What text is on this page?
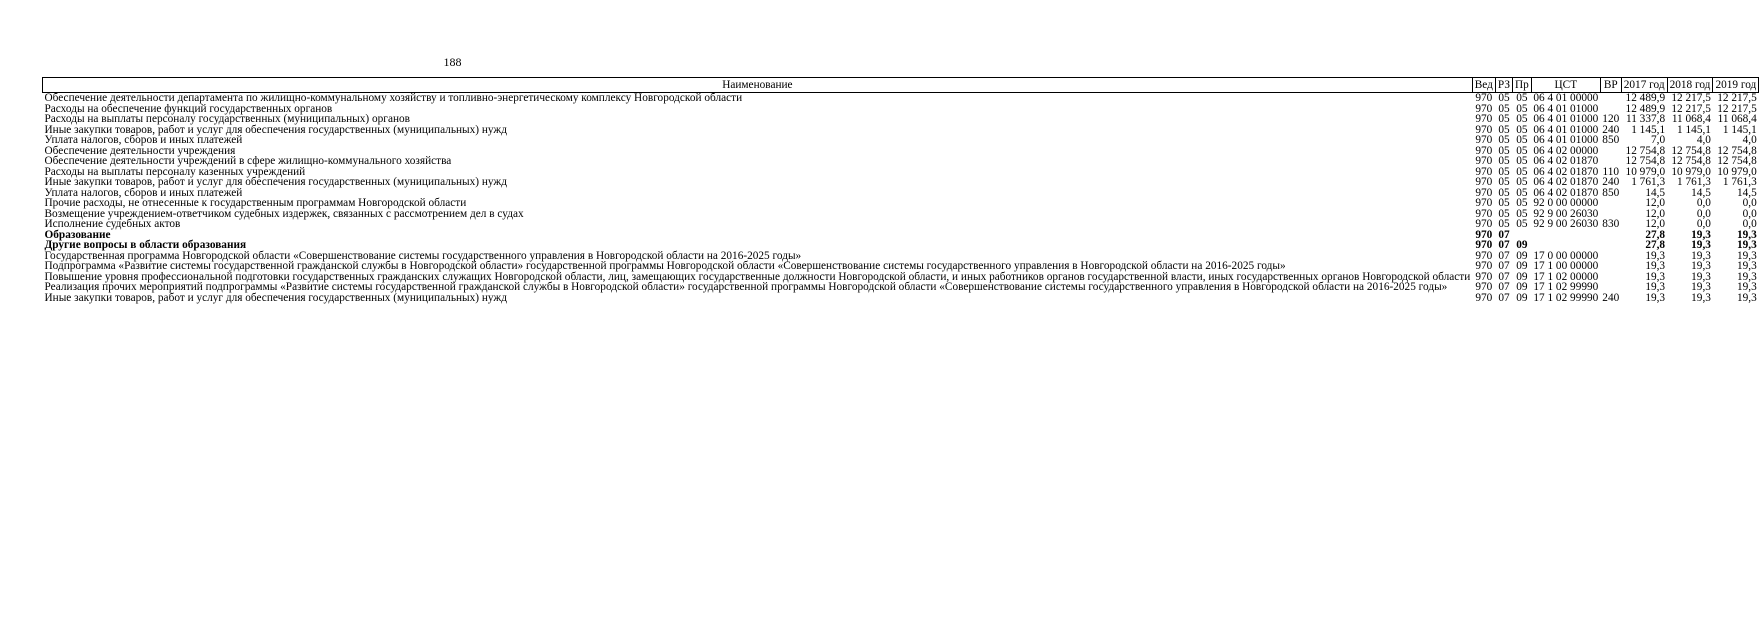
188
Наименование	Вед	РЗ	Пр	ЦСТ	ВР	2017 год	2018 год	2019 год
Обеспечение деятельности департамента по жилищно-коммунальному хозяйству и топливно-энергетическому комплексу Новгородской области	970	05	05	06 4 01 00000		12 489,9	12 217,5	12 217,5
Расходы на обеспечение функций государственных органов	970	05	05	06 4 01 01000		12 489,9	12 217,5	12 217,5
Расходы на выплаты персоналу государственных (муниципальных) органов	970	05	05	06 4 01 01000	120	11 337,8	11 068,4	11 068,4
Иные закупки товаров, работ и услуг для обеспечения государственных (муниципальных) нужд	970	05	05	06 4 01 01000	240	1 145,1	1 145,1	1 145,1
Уплата налогов, сборов и иных платежей	970	05	05	06 4 01 01000	850	7,0	4,0	4,0
Обеспечение деятельности учреждения	970	05	05	06 4 02 00000		12 754,8	12 754,8	12 754,8
Обеспечение деятельности учреждений в сфере жилищно-коммунального хозяйства	970	05	05	06 4 02 01870		12 754,8	12 754,8	12 754,8
Расходы на выплаты персоналу казенных учреждений	970	05	05	06 4 02 01870	110	10 979,0	10 979,0	10 979,0
Иные закупки товаров, работ и услуг для обеспечения государственных (муниципальных) нужд	970	05	05	06 4 02 01870	240	1 761,3	1 761,3	1 761,3
Уплата налогов, сборов и иных платежей	970	05	05	06 4 02 01870	850	14,5	14,5	14,5
Прочие расходы, не отнесенные к государственным программам Новгородской области	970	05	05	92 0 00 00000		12,0	0,0	0,0
Возмещение учреждением-ответчиком судебных издержек, связанных с рассмотрением дел в судах	970	05	05	92 9 00 26030		12,0	0,0	0,0
Исполнение судебных актов	970	05	05	92 9 00 26030	830	12,0	0,0	0,0
Образование	970	07				27,8	19,3	19,3
Другие вопросы в области образования	970	07	09			27,8	19,3	19,3
Государственная программа Новгородской области «Совершенствование системы государственного управления в Новгородской области на 2016-2025 годы»	970	07	09	17 0 00 00000		19,3	19,3	19,3
Подпрограмма «Развитие системы государственной гражданской службы в Новгородской области» государственной программы Новгородской области «Совершенствование системы государственного управления в Новгородской области на 2016-2025 годы»	970	07	09	17 1 00 00000		19,3	19,3	19,3
Повышение уровня профессиональной подготовки государственных гражданских служащих Новгородской области, лиц, замещающих государственные должности Новгородской области, и иных работников органов государственной власти, иных государственных органов Новгородской области	970	07	09	17 1 02 00000		19,3	19,3	19,3
Реализация прочих мероприятий подпрограммы «Развитие системы государственной гражданской службы в Новгородской области» государственной программы Новгородской области «Совершенствование системы государственного управления в Новгородской области на 2016-2025 годы»	970	07	09	17 1 02 99990		19,3	19,3	19,3
Иные закупки товаров, работ и услуг для обеспечения государственных (муниципальных) нужд	970	07	09	17 1 02 99990	240	19,3	19,3	19,3
